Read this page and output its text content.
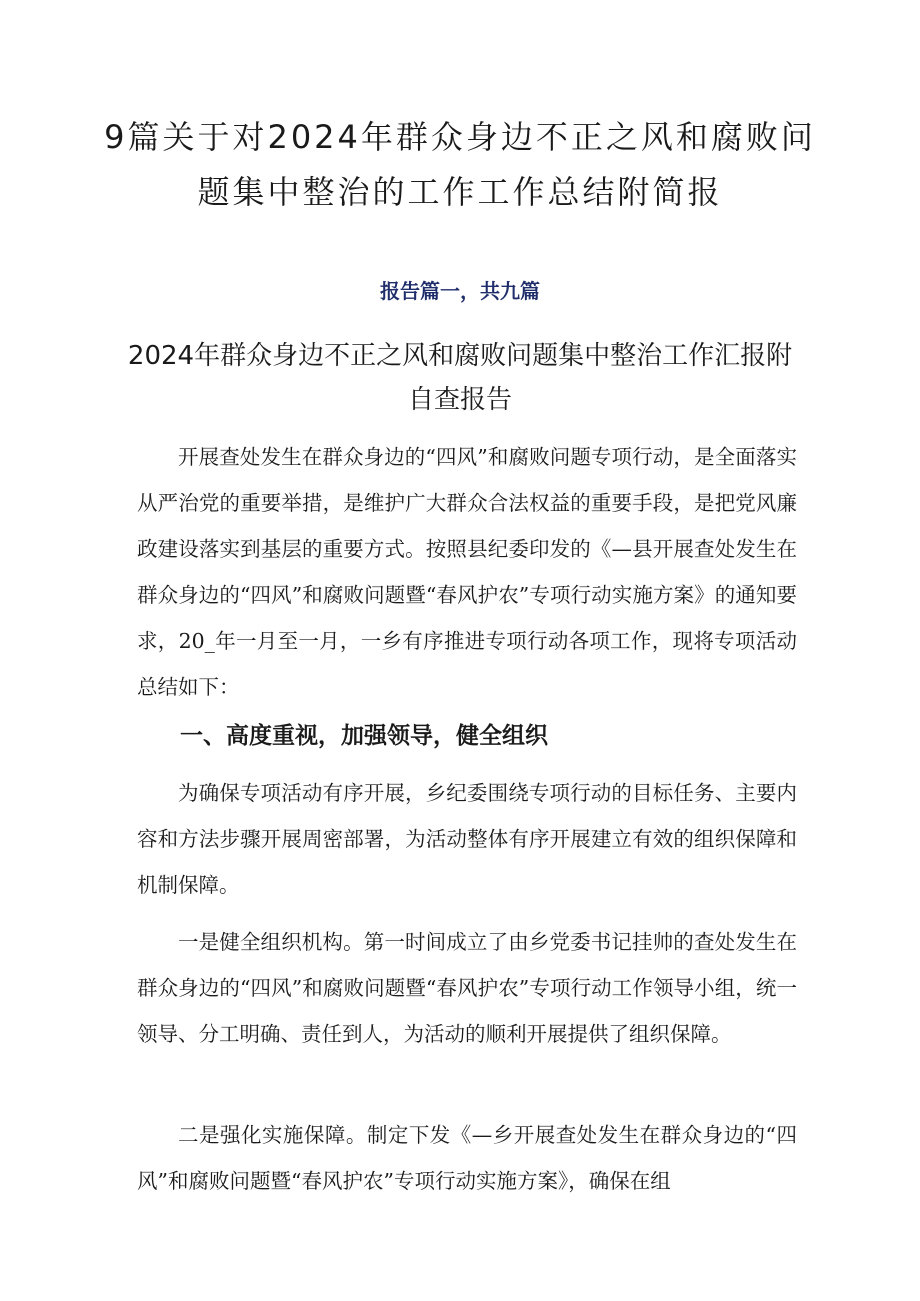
9篇关于对2024年群众身边不正之风和腐败问题集中整治的工作工作总结附简报
报告篇一，共九篇
2024年群众身边不正之风和腐败问题集中整治工作汇报附自查报告

开展查处发生在群众身边的“四风”和腐败问题专项行动，是全面落实从严治党的重要举措，是维护广大群众合法权益的重要手段，是把党风廉政建设落实到基层的重要方式。按照县纪委印发的《—县开展查处发生在群众身边的“四风”和腐败问题暨“春风护农”专项行动实施方案》的通知要求，20_年一月至一月，一乡有序推进专项行动各项工作，现将专项活动总结如下：

一、高度重视，加强领导，健全组织

为确保专项活动有序开展，乡纪委围绕专项行动的目标任务、主要内容和方法步骤开展周密部署，为活动整体有序开展建立有效的组织保障和机制保障。

一是健全组织机构。第一时间成立了由乡党委书记挂帅的查处发生在群众身边的“四风”和腐败问题暨“春风护农”专项行动工作领导小组，统一领导、分工明确、责任到人，为活动的顺利开展提供了组织保障。

二是强化实施保障。制定下发《—乡开展查处发生在群众身边的“四风”和腐败问题暨“春风护农”专项行动实施方案》，确保在组
